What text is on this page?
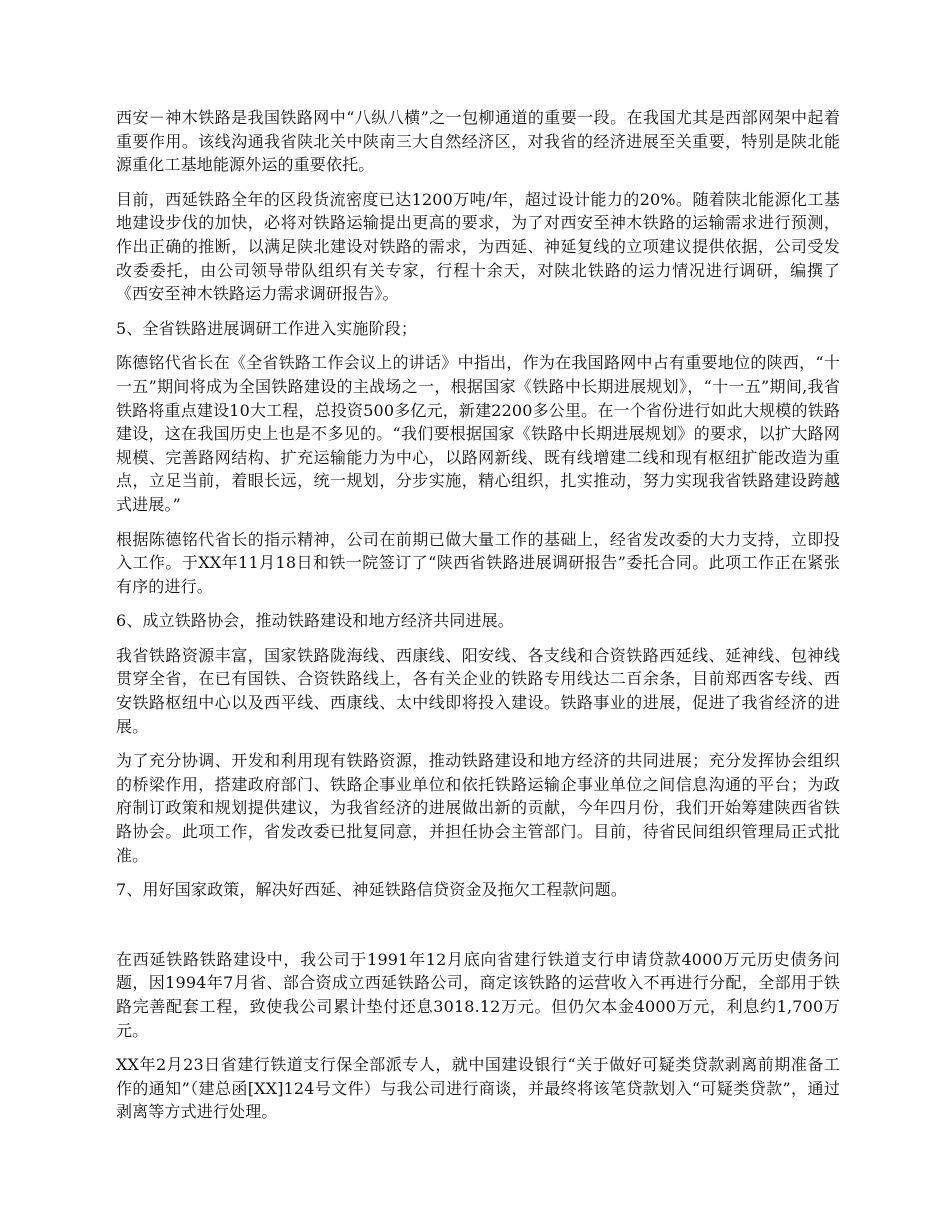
西安－神木铁路是我国铁路网中“八纵八横”之一包柳通道的重要一段。在我国尤其是西部网架中起着重要作用。该线沟通我省陕北关中陕南三大自然经济区，对我省的经济进展至关重要，特别是陕北能源重化工基地能源外运的重要依托。

目前，西延铁路全年的区段货流密度已达1200万吨/年，超过设计能力的20%。随着陕北能源化工基地建设步伐的加快，必将对铁路运输提出更高的要求，为了对西安至神木铁路的运输需求进行预测，作出正确的推断，以满足陕北建设对铁路的需求，为西延、神延复线的立项建议提供依据，公司受发改委委托，由公司领导带队组织有关专家，行程十余天，对陕北铁路的运力情况进行调研，编撰了《西安至神木铁路运力需求调研报告》。

5、全省铁路进展调研工作进入实施阶段；

陈德铭代省长在《全省铁路工作会议上的讲话》中指出，作为在我国路网中占有重要地位的陕西，“十一五”期间将成为全国铁路建设的主战场之一，根据国家《铁路中长期进展规划》，“十一五”期间,我省铁路将重点建设10大工程，总投资500多亿元，新建2200多公里。在一个省份进行如此大规模的铁路建设，这在我国历史上也是不多见的。“我们要根据国家《铁路中长期进展规划》的要求，以扩大路网规模、完善路网结构、扩充运输能力为中心，以路网新线、既有线增建二线和现有枢纽扩能改造为重点，立足当前，着眼长远，统一规划，分步实施，精心组织，扎实推动，努力实现我省铁路建设跨越式进展。”

根据陈德铭代省长的指示精神，公司在前期已做大量工作的基础上，经省发改委的大力支持，立即投入工作。于XX年11月18日和铁一院签订了“陕西省铁路进展调研报告”委托合同。此项工作正在紧张有序的进行。

6、成立铁路协会，推动铁路建设和地方经济共同进展。

我省铁路资源丰富，国家铁路陇海线、西康线、阳安线、各支线和合资铁路西延线、延神线、包神线贯穿全省，在已有国铁、合资铁路线上，各有关企业的铁路专用线达二百余条，目前郑西客专线、西安铁路枢纽中心以及西平线、西康线、太中线即将投入建设。铁路事业的进展，促进了我省经济的进展。

为了充分协调、开发和利用现有铁路资源，推动铁路建设和地方经济的共同进展；充分发挥协会组织的桥梁作用，搭建政府部门、铁路企事业单位和依托铁路运输企事业单位之间信息沟通的平台；为政府制订政策和规划提供建议，为我省经济的进展做出新的贡献，今年四月份，我们开始筹建陕西省铁路协会。此项工作，省发改委已批复同意，并担任协会主管部门。目前，待省民间组织管理局正式批准。

7、用好国家政策，解决好西延、神延铁路信贷资金及拖欠工程款问题。

在西延铁路铁路建设中，我公司于1991年12月底向省建行铁道支行申请贷款4000万元历史债务问题，因1994年7月省、部合资成立西延铁路公司，商定该铁路的运营收入不再进行分配，全部用于铁路完善配套工程，致使我公司累计垫付还息3018.12万元。但仍欠本金4000万元，利息约1,700万元。

XX年2月23日省建行铁道支行保全部派专人，就中国建设银行“关于做好可疑类贷款剥离前期准备工作的通知”（建总函[XX]124号文件）与我公司进行商谈，并最终将该笔贷款划入“可疑类贷款”，通过剥离等方式进行处理。
